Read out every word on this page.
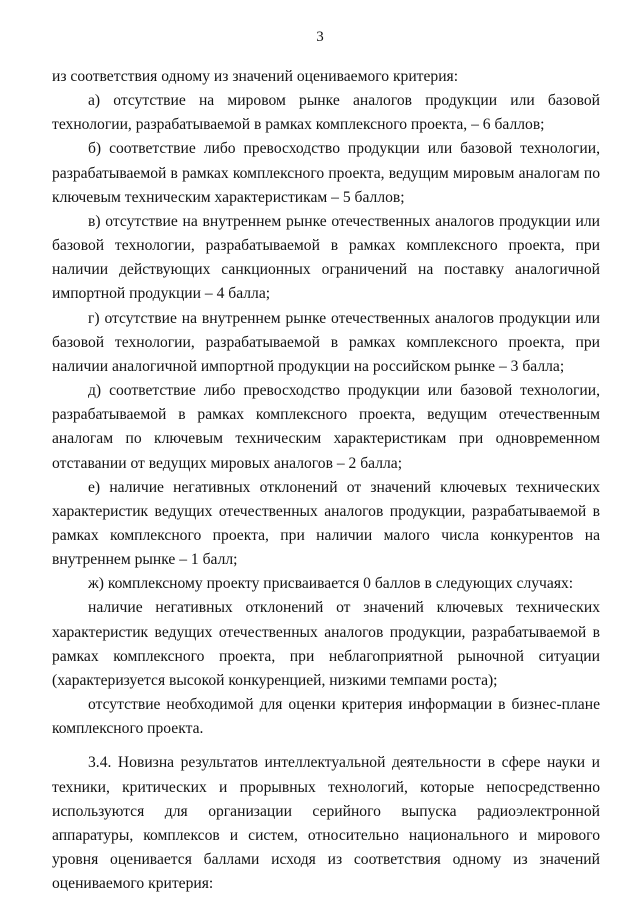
3

из соответствия одному из значений оцениваемого критерия:

а) отсутствие на мировом рынке аналогов продукции или базовой технологии, разрабатываемой в рамках комплексного проекта, – 6 баллов;

б) соответствие либо превосходство продукции или базовой технологии, разрабатываемой в рамках комплексного проекта, ведущим мировым аналогам по ключевым техническим характеристикам – 5 баллов;

в) отсутствие на внутреннем рынке отечественных аналогов продукции или базовой технологии, разрабатываемой в рамках комплексного проекта, при наличии действующих санкционных ограничений на поставку аналогичной импортной продукции – 4 балла;

г) отсутствие на внутреннем рынке отечественных аналогов продукции или базовой технологии, разрабатываемой в рамках комплексного проекта, при наличии аналогичной импортной продукции на российском рынке – 3 балла;

д) соответствие либо превосходство продукции или базовой технологии, разрабатываемой в рамках комплексного проекта, ведущим отечественным аналогам по ключевым техническим характеристикам при одновременном отставании от ведущих мировых аналогов – 2 балла;

е) наличие негативных отклонений от значений ключевых технических характеристик ведущих отечественных аналогов продукции, разрабатываемой в рамках комплексного проекта, при наличии малого числа конкурентов на внутреннем рынке – 1 балл;

ж) комплексному проекту присваивается 0 баллов в следующих случаях:

наличие негативных отклонений от значений ключевых технических характеристик ведущих отечественных аналогов продукции, разрабатываемой в рамках комплексного проекта, при неблагоприятной рыночной ситуации (характеризуется высокой конкуренцией, низкими темпами роста);

отсутствие необходимой для оценки критерия информации в бизнес-плане комплексного проекта.

3.4. Новизна результатов интеллектуальной деятельности в сфере науки и техники, критических и прорывных технологий, которые непосредственно используются для организации серийного выпуска радиоэлектронной аппаратуры, комплексов и систем, относительно национального и мирового уровня оценивается баллами исходя из соответствия одному из значений оцениваемого критерия:
